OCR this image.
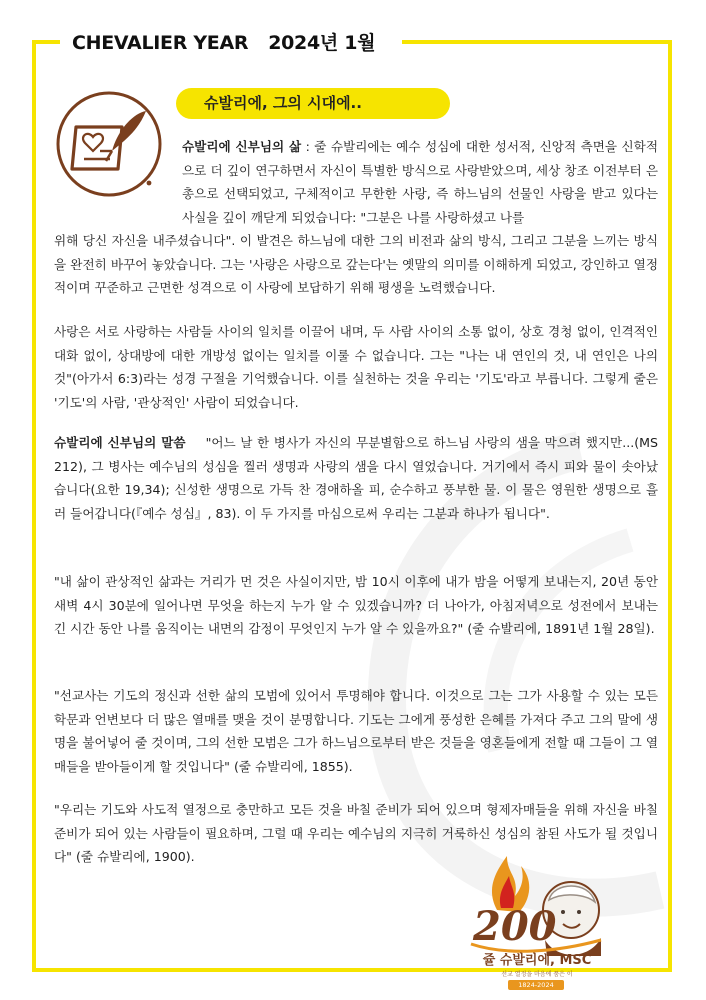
CHEVALIER YEAR 2024년 1월
슈발리에, 그의 시대에..
슈발리에 신부님의 삶 : 줄 슈발리에는 예수 성심에 대한 성서적, 신앙적 측면을 신학적으로 더 깊이 연구하면서 자신이 특별한 방식으로 사랑받았으며, 세상 창조 이전부터 은총으로 선택되었고, 구체적이고 무한한 사랑, 즉 하느님의 선물인 사랑을 받고 있다는 사실을 깊이 깨닫게 되었습니다: "그분은 나를 사랑하셨고 나를
위해 당신 자신을 내주셨습니다". 이 발견은 하느님에 대한 그의 비전과 삶의 방식, 그리고 그분을 느끼는 방식을 완전히 바꾸어 놓았습니다. 그는 '사랑은 사랑으로 갚는다'는 옛말의 의미를 이해하게 되었고, 강인하고 열정적이며 꾸준하고 근면한 성격으로 이 사랑에 보답하기 위해 평생을 노력했습니다.
사랑은 서로 사랑하는 사람들 사이의 일치를 이끌어 내며, 두 사람 사이의 소통 없이, 상호 경청 없이, 인격적인 대화 없이, 상대방에 대한 개방성 없이는 일치를 이룰 수 없습니다. 그는 "나는 내 연인의 것, 내 연인은 나의 것"(아가서 6:3)라는 성경 구절을 기억했습니다. 이를 실천하는 것을 우리는 '기도'라고 부릅니다. 그렇게 줄은 '기도'의 사람, '관상적인' 사람이 되었습니다.
슈발리에 신부님의 말씀 "어느 날 한 병사가 자신의 무분별함으로 하느님 사랑의 샘을 막으려 했지만...(MS 212), 그 병사는 예수님의 성심을 찔러 생명과 사랑의 샘을 다시 열었습니다. 거기에서 즉시 피와 물이 솟아났습니다(요한 19,34); 신성한 생명으로 가득 찬 경애하올 피, 순수하고 풍부한 물. 이 물은 영원한 생명으로 흘러 들어갑니다(『예수 성심』, 83). 이 두 가지를 마심으로써 우리는 그분과 하나가 됩니다".
"내 삶이 관상적인 삶과는 거리가 먼 것은 사실이지만, 밤 10시 이후에 내가 밤을 어떻게 보내는지, 20년 동안 새벽 4시 30분에 일어나면 무엇을 하는지 누가 알 수 있겠습니까? 더 나아가, 아침저녁으로 성전에서 보내는 긴 시간 동안 나를 움직이는 내면의 감정이 무엇인지 누가 알 수 있을까요?" (줄 슈발리에, 1891년 1월 28일).
"선교사는 기도의 정신과 선한 삶의 모범에 있어서 투명해야 합니다. 이것으로 그는 그가 사용할 수 있는 모든 학문과 언변보다 더 많은 열매를 맺을 것이 분명합니다. 기도는 그에게 풍성한 은혜를 가져다 주고 그의 말에 생명을 불어넣어 줄 것이며, 그의 선한 모범은 그가 하느님으로부터 받은 것들을 영혼들에게 전할 때 그들이 그 열매들을 받아들이게 할 것입니다" (줄 슈발리에, 1855).
"우리는 기도와 사도적 열정으로 충만하고 모든 것을 바칠 준비가 되어 있으며 형제자매들을 위해 자신을 바칠 준비가 되어 있는 사람들이 필요하며, 그럴 때 우리는 예수님의 지극히 거룩하신 성심의 참된 사도가 될 것입니다" (줄 슈발리에, 1900).
200
쥴 슈발리에, MSC
선교 열정을 마음에 품은 이
1824-2024
